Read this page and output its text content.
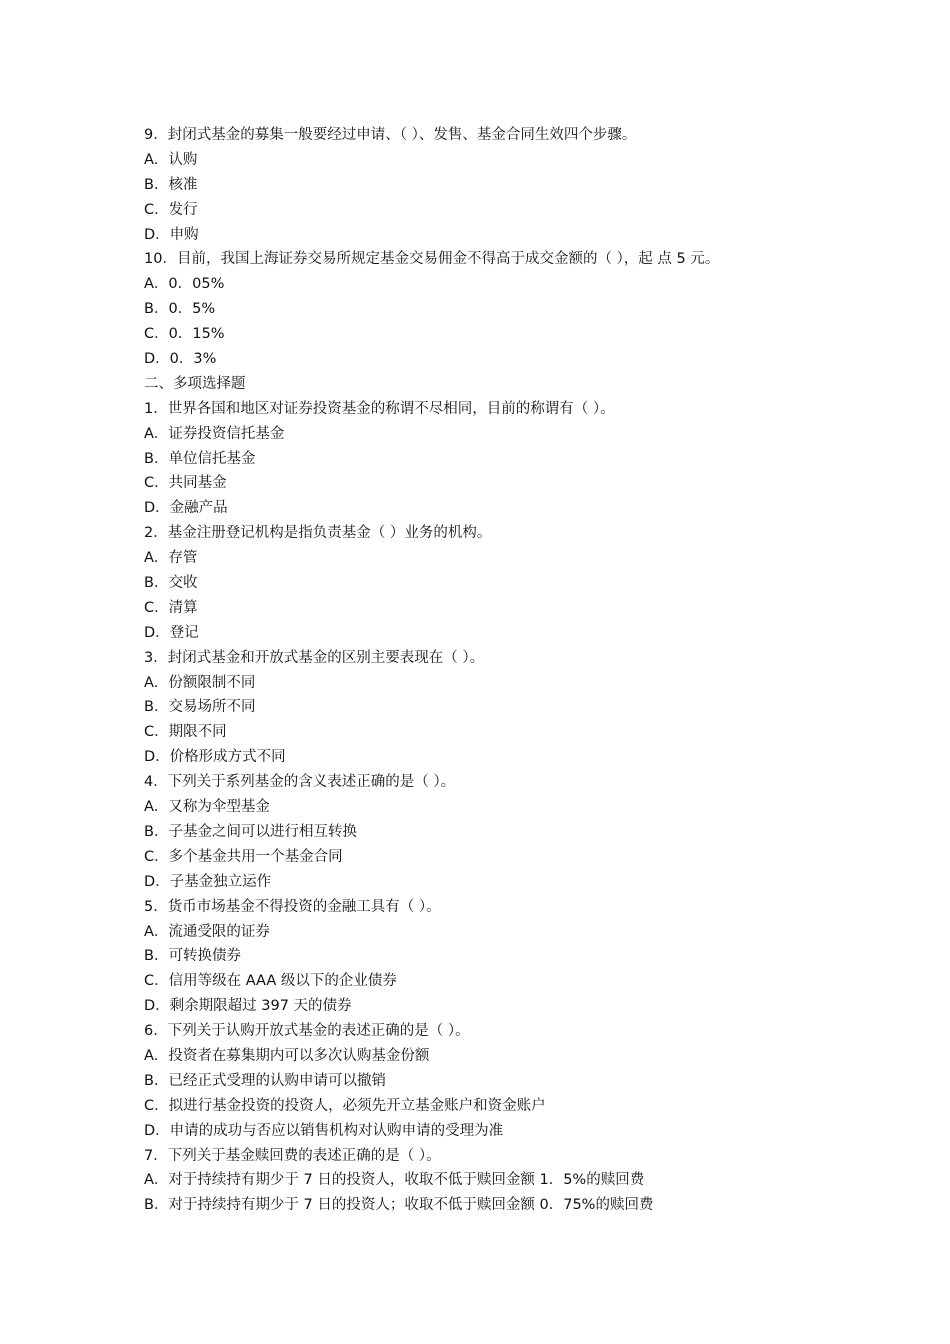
9．封闭式基金的募集一般要经过申请、（ ）、发售、基金合同生效四个步骤。
A．认购
B．核准
C．发行
D．申购
10．目前，我国上海证券交易所规定基金交易佣金不得高于成交金额的（ ），起 点 5 元。
A．0．05%
B．0．5%
C．0．15%
D．0．3%
二、多项选择题
1．世界各国和地区对证券投资基金的称谓不尽相同，目前的称谓有（ ）。
A．证券投资信托基金
B．单位信托基金
C．共同基金
D．金融产品
2．基金注册登记机构是指负责基金（ ）业务的机构。
A．存管
B．交收
C．清算
D．登记
3．封闭式基金和开放式基金的区别主要表现在（ ）。
A．份额限制不同
B．交易场所不同
C．期限不同
D．价格形成方式不同
4．下列关于系列基金的含义表述正确的是（ ）。
A．又称为伞型基金
B．子基金之间可以进行相互转换
C．多个基金共用一个基金合同
D．子基金独立运作
5．货币市场基金不得投资的金融工具有（ ）。
A．流通受限的证券
B．可转换债券
C．信用等级在 AAA 级以下的企业债券
D．剩余期限超过 397 天的债券
6．下列关于认购开放式基金的表述正确的是（ ）。
A．投资者在募集期内可以多次认购基金份额
B．已经正式受理的认购申请可以撤销
C．拟进行基金投资的投资人，必须先开立基金账户和资金账户
D．申请的成功与否应以销售机构对认购申请的受理为准
7．下列关于基金赎回费的表述正确的是（ ）。
A．对于持续持有期少于 7 日的投资人，收取不低于赎回金额 1．5%的赎回费
B．对于持续持有期少于 7 日的投资人；收取不低于赎回金额 0．75%的赎回费
